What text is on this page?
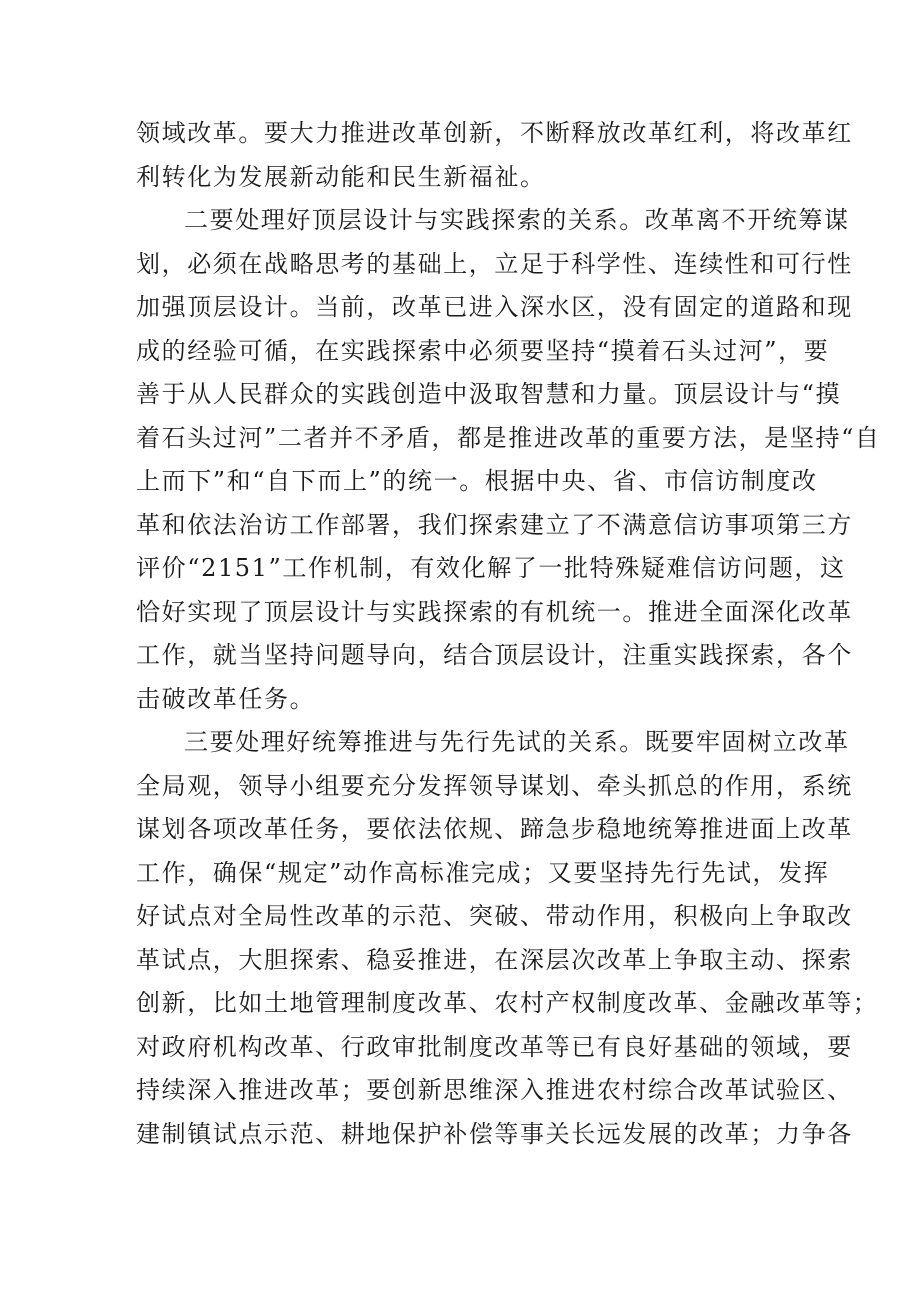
领域改革。要大力推进改革创新，不断释放改革红利，将改革红
利转化为发展新动能和民生新福祉。
二要处理好顶层设计与实践探索的关系。改革离不开统筹谋
划，必须在战略思考的基础上，立足于科学性、连续性和可行性
加强顶层设计。当前，改革已进入深水区，没有固定的道路和现
成的经验可循，在实践探索中必须要坚持“摸着石头过河”，要
善于从人民群众的实践创造中汲取智慧和力量。顶层设计与“摸
着石头过河”二者并不矛盾，都是推进改革的重要方法，是坚持“自
上而下”和“自下而上”的统一。根据中央、省、市信访制度改
革和依法治访工作部署，我们探索建立了不满意信访事项第三方
评价“2151”工作机制，有效化解了一批特殊疑难信访问题，这
恰好实现了顶层设计与实践探索的有机统一。推进全面深化改革
工作，就当坚持问题导向，结合顶层设计，注重实践探索，各个
击破改革任务。
三要处理好统筹推进与先行先试的关系。既要牢固树立改革
全局观，领导小组要充分发挥领导谋划、牵头抓总的作用，系统
谋划各项改革任务，要依法依规、蹄急步稳地统筹推进面上改革
工作，确保“规定”动作高标准完成；又要坚持先行先试，发挥
好试点对全局性改革的示范、突破、带动作用，积极向上争取改
革试点，大胆探索、稳妥推进，在深层次改革上争取主动、探索
创新，比如土地管理制度改革、农村产权制度改革、金融改革等；
对政府机构改革、行政审批制度改革等已有良好基础的领域，要
持续深入推进改革；要创新思维深入推进农村综合改革试验区、
建制镇试点示范、耕地保护补偿等事关长远发展的改革；力争各
